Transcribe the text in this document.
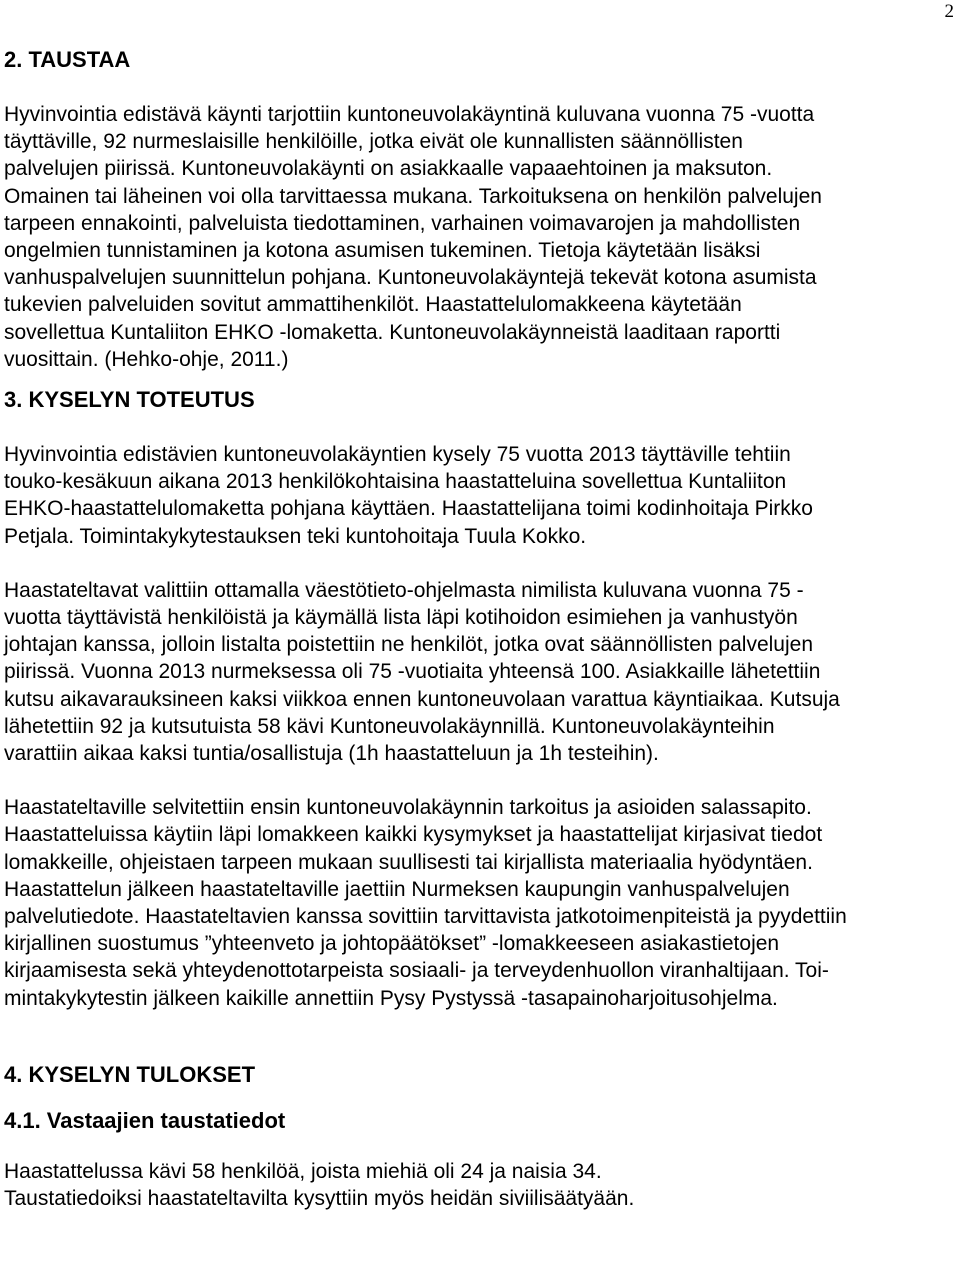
2
2. TAUSTAA

Hyvinvointia edistävä käynti tarjottiin kuntoneuvolakäyntinä kuluvana vuonna 75 -vuotta
täyttäville, 92 nurmeslaisille henkilöille, jotka eivät ole kunnallisten säännöllisten
palvelujen piirissä. Kuntoneuvolakäynti on asiakkaalle vapaaehtoinen ja maksuton.
Omainen tai läheinen voi olla tarvittaessa mukana. Tarkoituksena on henkilön palvelujen
tarpeen ennakointi, palveluista tiedottaminen, varhainen voimavarojen ja mahdollisten
ongelmien tunnistaminen ja kotona asumisen tukeminen. Tietoja käytetään lisäksi
vanhuspalvelujen suunnittelun pohjana. Kuntoneuvolakäyntejä tekevät kotona asumista
tukevien palveluiden sovitut ammattihenkilöt. Haastattelulomakkeena käytetään
sovellettua Kuntaliiton EHKO -lomaketta. Kuntoneuvolakäynneistä laaditaan raportti
vuosittain. (Hehko-ohje, 2011.)

3. KYSELYN TOTEUTUS

Hyvinvointia edistävien kuntoneuvolakäyntien kysely 75 vuotta 2013 täyttäville tehtiin
touko-kesäkuun aikana 2013 henkilökohtaisina haastatteluina sovellettua Kuntaliiton
EHKO-haastattelulomaketta pohjana käyttäen. Haastattelijana toimi kodinhoitaja Pirkko
Petjala. Toimintakykytestauksen teki kuntohoitaja Tuula Kokko.

Haastateltavat valittiin ottamalla väestötieto-ohjelmasta nimilista kuluvana vuonna 75 -
vuotta täyttävistä henkilöistä ja käymällä lista läpi kotihoidon esimiehen ja vanhustyön
johtajan kanssa, jolloin listalta poistettiin ne henkilöt, jotka ovat säännöllisten palvelujen
piirissä. Vuonna 2013 nurmeksessa oli 75 -vuotiaita yhteensä 100. Asiakkaille lähetettiin
kutsu aikavarauksineen kaksi viikkoa ennen kuntoneuvolaan varattua käyntiaikaa. Kutsuja
lähetettiin 92 ja kutsutuista 58 kävi Kuntoneuvolakäynnillä. Kuntoneuvolakäynteihin
varattiin aikaa kaksi tuntia/osallistuja (1h haastatteluun ja 1h testeihin).

Haastateltaville selvitettiin ensin kuntoneuvolakäynnin tarkoitus ja asioiden salassapito.
Haastatteluissa käytiin läpi lomakkeen kaikki kysymykset ja haastattelijat kirjasivat tiedot
lomakkeille, ohjeistaen tarpeen mukaan suullisesti tai kirjallista materiaalia hyödyntäen.
Haastattelun jälkeen haastateltaville jaettiin Nurmeksen kaupungin vanhuspalvelujen
palvelutiedote. Haastateltavien kanssa sovittiin tarvittavista jatkotoimenpiteistä ja pyydettiin
kirjallinen suostumus ”yhteenveto ja johtopäätökset” -lomakkeeseen asiakastietojen
kirjaamisesta sekä yhteydenottotarpeista sosiaali- ja terveydenhuollon viranhaltijaan. Toi-
mintakykytestin jälkeen kaikille annettiin Pysy Pystyssä -tasapainoharjoitusohjelma.

4. KYSELYN TULOKSET
4.1. Vastaajien taustatiedot

Haastattelussa kävi 58 henkilöä, joista miehiä oli 24 ja naisia 34.
Taustatiedoiksi haastateltavilta kysyttiin myös heidän siviilisäätyään.
